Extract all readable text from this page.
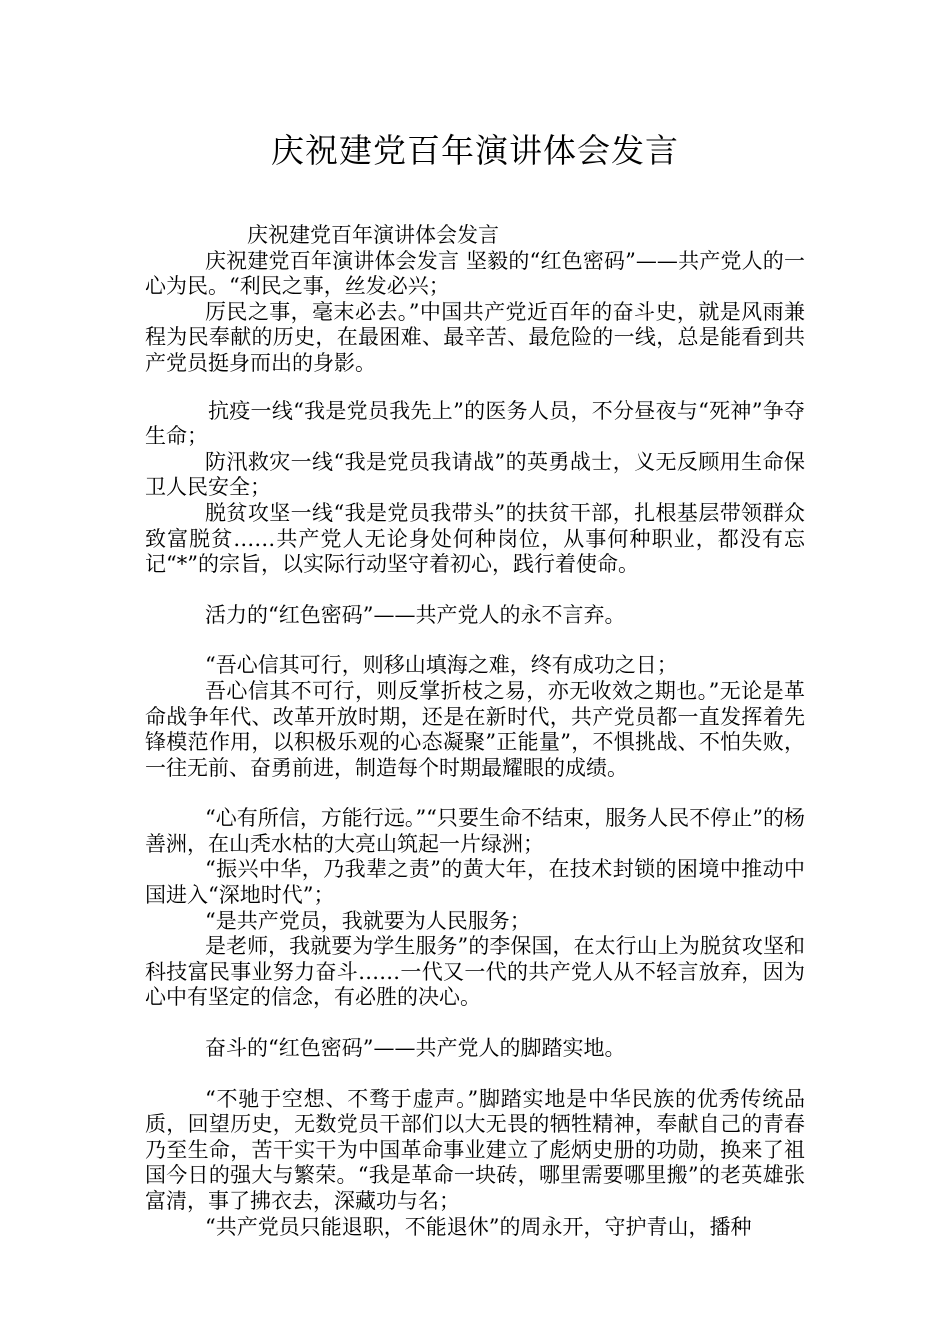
庆祝建党百年演讲体会发言

庆祝建党百年演讲体会发言

庆祝建党百年演讲体会发言 坚毅的“红色密码”——共产党人的一心为民。“利民之事，丝发必兴；

厉民之事，毫末必去。”中国共产党近百年的奋斗史，就是风雨兼程为民奉献的历史，在最困难、最辛苦、最危险的一线，总是能看到共产党员挺身而出的身影。

抗疫一线“我是党员我先上”的医务人员，不分昼夜与“死神”争夺生命；

防汛救灾一线“我是党员我请战”的英勇战士，义无反顾用生命保卫人民安全；

脱贫攻坚一线“我是党员我带头”的扶贫干部，扎根基层带领群众致富脱贫……共产党人无论身处何种岗位，从事何种职业，都没有忘记“*”的宗旨，以实际行动坚守着初心，践行着使命。

活力的“红色密码”——共产党人的永不言弃。

“吾心信其可行，则移山填海之难，终有成功之日；

吾心信其不可行，则反掌折枝之易，亦无收效之期也。”无论是革命战争年代、改革开放时期，还是在新时代，共产党员都一直发挥着先锋模范作用，以积极乐观的心态凝聚”正能量”，不惧挑战、不怕失败，一往无前、奋勇前进，制造每个时期最耀眼的成绩。

“心有所信，方能行远。”“只要生命不结束，服务人民不停止”的杨善洲，在山秃水枯的大亮山筑起一片绿洲；

“振兴中华，乃我辈之责”的黄大年，在技术封锁的困境中推动中国进入“深地时代”；

“是共产党员，我就要为人民服务；

是老师，我就要为学生服务”的李保国，在太行山上为脱贫攻坚和科技富民事业努力奋斗……一代又一代的共产党人从不轻言放弃，因为心中有坚定的信念，有必胜的决心。

奋斗的“红色密码”——共产党人的脚踏实地。

“不驰于空想、不骛于虚声。”脚踏实地是中华民族的优秀传统品质，回望历史，无数党员干部们以大无畏的牺牲精神，奉献自己的青春乃至生命，苦干实干为中国革命事业建立了彪炳史册的功勋，换来了祖国今日的强大与繁荣。“我是革命一块砖，哪里需要哪里搬”的老英雄张富清，事了拂衣去，深藏功与名；

“共产党员只能退职，不能退休”的周永开，守护青山，播种
